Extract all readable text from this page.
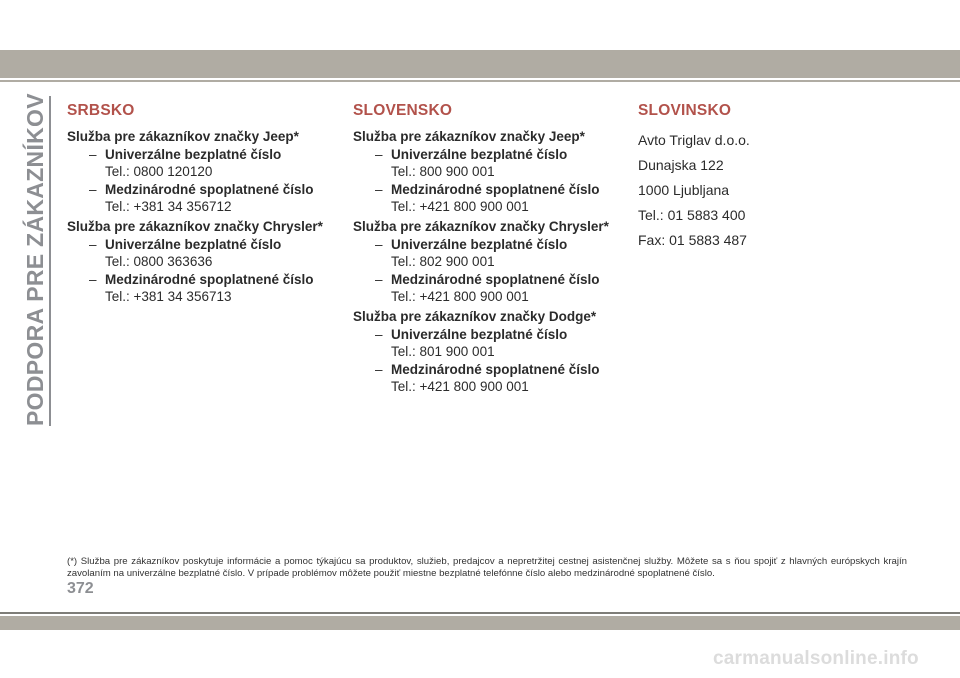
PODPORA PRE ZÁKAZNÍKOV SRBSKO
Služba pre zákazníkov značky Jeep*
– Univerzálne bezplatné číslo
Tel.: 0800 120120
– Medzinárodné spoplatnené číslo
Tel.: +381 34 356712
Služba pre zákazníkov značky Chrysler*
– Univerzálne bezplatné číslo
Tel.: 0800 363636
– Medzinárodné spoplatnené číslo
Tel.: +381 34 356713
SLOVENSKO
Služba pre zákazníkov značky Jeep*
– Univerzálne bezplatné číslo
Tel.: 800 900 001
– Medzinárodné spoplatnené číslo
Tel.: +421 800 900 001
Služba pre zákazníkov značky Chrysler*
– Univerzálne bezplatné číslo
Tel.: 802 900 001
– Medzinárodné spoplatnené číslo
Tel.: +421 800 900 001
Služba pre zákazníkov značky Dodge*
– Univerzálne bezplatné číslo
Tel.: 801 900 001
– Medzinárodné spoplatnené číslo
Tel.: +421 800 900 001
SLOVINSKO
Avto Triglav d.o.o.
Dunajska 122
1000 Ljubljana
Tel.: 01 5883 400
Fax: 01 5883 487
(*) Služba pre zákazníkov poskytuje informácie a pomoc týkajúcu sa produktov, služieb, predajcov a nepretržitej cestnej asistenčnej služby. Môžete sa s ňou spojiť z hlavných európskych krajín zavolaním na univerzálne bezplatné číslo. V prípade problémov môžete použiť miestne bezplatné telefónne číslo alebo medzinárodné spoplatnené číslo.
372
carmanualsonline.info
